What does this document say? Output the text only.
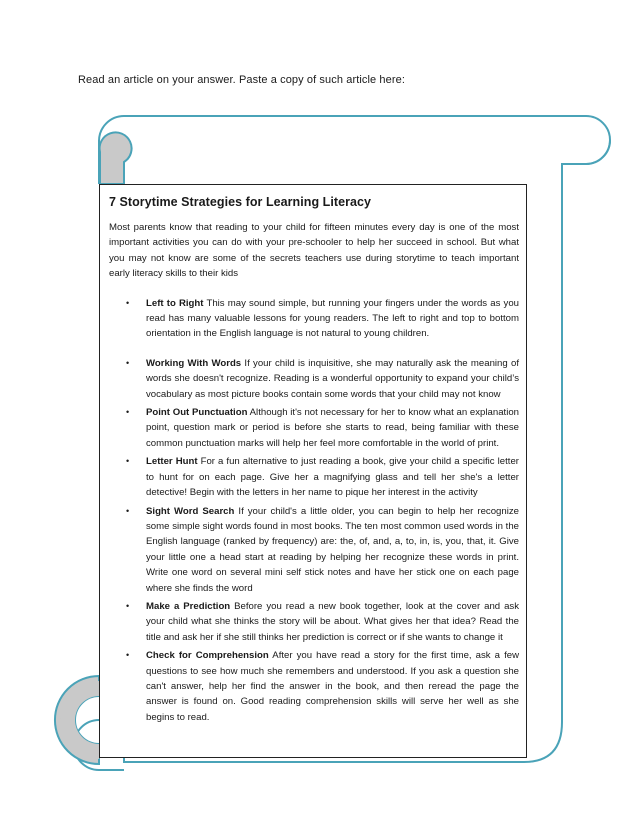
Read an article on your answer. Paste a copy of such article here:
7 Storytime Strategies for Learning Literacy

Most parents know that reading to your child for fifteen minutes every day is one of the most important activities you can do with your pre-schooler to help her succeed in school. But what you may not know are some of the secrets teachers use during storytime to teach important early literacy skills to their kids

• Left to Right This may sound simple, but running your fingers under the words as you read has many valuable lessons for young readers. The left to right and top to bottom orientation in the English language is not natural to young children.
• Working With Words If your child is inquisitive, she may naturally ask the meaning of words she doesn't recognize. Reading is a wonderful opportunity to expand your child’s vocabulary as most picture books contain some words that your child may not know
• Point Out Punctuation Although it's not necessary for her to know what an explanation point, question mark or period is before she starts to read, being familiar with these common punctuation marks will help her feel more comfortable in the world of print.
• Letter Hunt For a fun alternative to just reading a book, give your child a specific letter to hunt for on each page. Give her a magnifying glass and tell her she's a letter detective! Begin with the letters in her name to pique her interest in the activity
• Sight Word Search If your child's a little older, you can begin to help her recognize some simple sight words found in most books. The ten most common used words in the English language (ranked by frequency) are: the, of, and, a, to, in, is, you, that, it. Give your little one a head start at reading by helping her recognize these words in print. Write one word on several mini self stick notes and have her stick one on each page where she finds the word
• Make a Prediction Before you read a new book together, look at the cover and ask your child what she thinks the story will be about. What gives her that idea? Read the title and ask her if she still thinks her prediction is correct or if she wants to change it
• Check for Comprehension After you have read a story for the first time, ask a few questions to see how much she remembers and understood. If you ask a question she can't answer, help her find the answer in the book, and then reread the page the answer is found on. Good reading comprehension skills will serve her well as she begins to read.
